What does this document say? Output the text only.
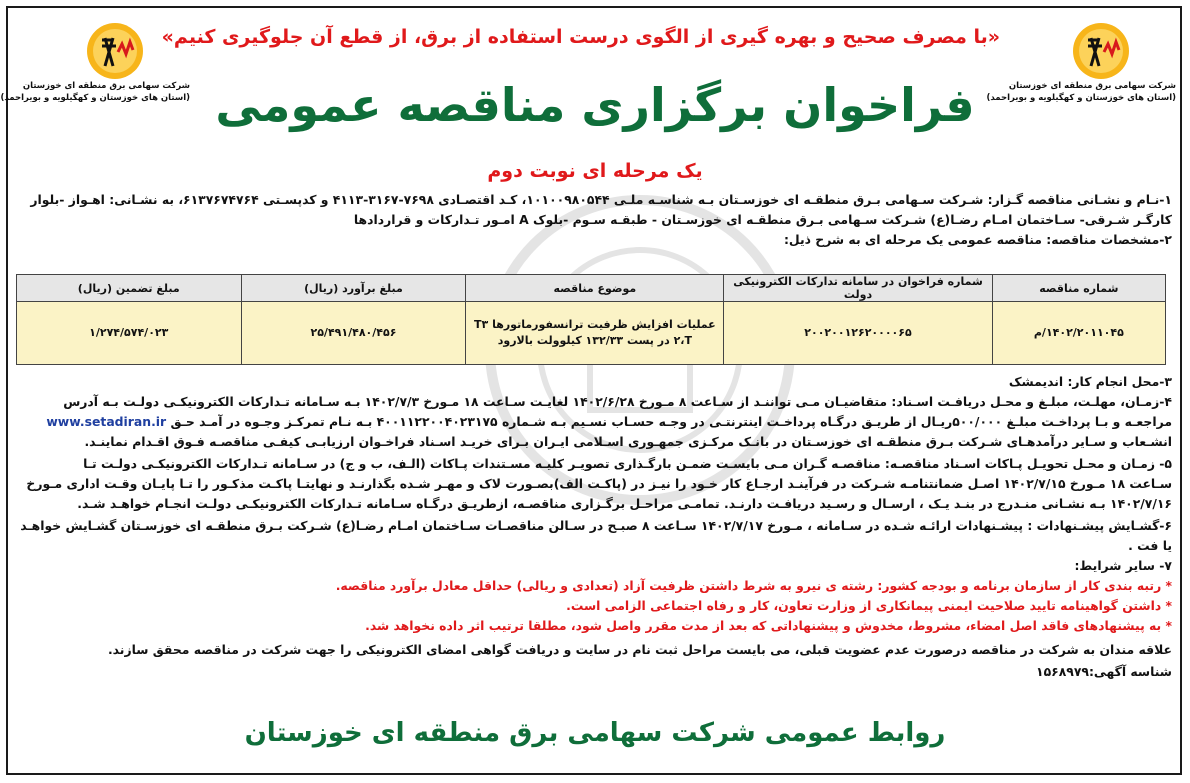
شرکت سهامی برق منطقه ای خوزستان
(استان های خوزستان و کهگیلویه و بویراحمد)
شرکت سهامی برق منطقه ای خوزستان
(استان های خوزستان و کهگیلویه و بویراحمد)
«با مصرف صحیح و بهره گیری از الگوی درست استفاده از برق، از قطع آن جلوگیری کنیم»
فراخوان برگزاری مناقصه عمومی
یک مرحله ای نوبت دوم
۱-نـام و نشـانی مناقصه گـزار: شـرکت سـهامی بـرق منطقـه ای خوزسـتان بـه شناسـه ملـی ۱۰۱۰۰۹۸۰۵۴۴، کـد اقتصـادی ۷۶۹۸-۳۱۶۷-۴۱۱۳ و کدپسـتی ۶۱۳۷۶۷۴۷۶۴، به نشـانی: اهـواز -بلوار
کارگـر شـرقی- سـاختمان امـام رضـا(ع) شـرکت سـهامی بـرق منطقـه ای خوزسـتان - طبقـه سـوم -بلوک A امـور تـدارکات و قراردادها
۲-مشخصات مناقصه: مناقصه عمومی یک مرحله ای به شرح ذیل:
شماره مناقصه	شماره فراخوان در سامانه تدارکات الکترونیکی دولت	موضوع مناقصه	مبلغ برآورد (ریال)	مبلغ تضمین (ریال)
۱۴۰۲/۲۰۱۱۰۴۵/م	۲۰۰۲۰۰۱۲۶۲۰۰۰۰۶۵	عملیات افزایش ظرفیت ترانسفورماتورها T۳ ۲،T در پست ۱۳۲/۳۳ کیلوولت بالارود	۲۵/۴۹۱/۴۸۰/۴۵۶	۱/۲۷۴/۵۷۴/۰۲۳
۳-محل انجام کار: اندیمشک
۴-زمـان، مهلـت، مبلـغ و محـل دریافـت اسـناد: متقاضیـان مـی تواننـد از سـاعت ۸ مـورخ ۱۴۰۲/۶/۲۸ لغایـت سـاعت ۱۸ مـورخ ۱۴۰۲/۷/۳ بـه سـامانه تـدارکات الکترونیکـی دولـت بـه آدرس
مراجعـه و بـا پرداخـت مبلـغ ۵۰۰/۰۰۰ریـال از طریـق درگـاه پرداخـت اینترنتـی در وجـه حسـاب نسـیم بـه شـماره ۴۰۰۱۱۲۲۰۰۴۰۲۳۱۷۵ بـه نـام تمرکـز وجـوه در آمـد حـق www.setadiran.ir
انشـعاب و سـایر درآمدهـای شـرکت بـرق منطقـه ای خوزسـتان در بانـک مرکـزی جمهـوری اسـلامی ایـران بـرای خریـد اسـناد فراخـوان ارزیابـی کیفـی مناقصـه فـوق اقـدام نماینـد.
۵- زمـان و محـل تحویـل پـاکات اسـناد مناقصـه: مناقصـه گـران مـی بایسـت ضمـن بارگـذاری تصویـر کلیـه مسـتندات پـاکات (الـف، ب و ج) در سـامانه تـدارکات الکترونیکـی دولـت تـا
سـاعت ۱۸ مـورخ ۱۴۰۲/۷/۱۵ اصـل ضمانتنامـه شـرکت در فرآینـد ارجـاع کار خـود را نیـز در (پاکـت الف)بصـورت لاک و مهـر شـده بگذارنـد و نهایتـا پاکـت مذکـور را تـا پایـان وقـت اداری مـورخ
۱۴۰۲/۷/۱۶ بـه نشـانی منـدرج در بنـد یـک ، ارسـال و رسـید دریافـت دارنـد. تمامـی مراحـل برگـزاری مناقصـه، ازطریـق درگـاه سـامانه تـدارکات الکترونیکـی دولـت انجـام خواهـد شـد.
۶-گشـایش پیشـنهادات : پیشـنهادات ارائـه شـده در سـامانه ، مـورخ ۱۴۰۲/۷/۱۷ سـاعت ۸ صبـح در سـالن مناقصـات سـاختمان امـام رضـا(ع) شـرکت بـرق منطقـه ای خوزسـتان گشـایش خواهـد
یا فت .
۷- سایر شرایط:
* رتبه بندی کار از سازمان برنامه و بودجه کشور: رشته ی نیرو به شرط داشتن ظرفیت آزاد (تعدادی و ریالی) حداقل معادل برآورد مناقصه.
* داشتن گواهینامه تایید صلاحیت ایمنی پیمانکاری از وزارت تعاون، کار و رفاه اجتماعی الزامی است.
* به پیشنهادهای فاقد اصل امضاء، مشروط، مخدوش و پیشنهاداتی که بعد از مدت مقرر واصل شود، مطلقا ترتیب اثر داده نخواهد شد.
علاقه مندان به شرکت در مناقصه درصورت عدم عضویت قبلی، می بایست مراحل ثبت نام در سایت و دریافت گواهی امضای الکترونیکی را جهت شرکت در مناقصه محقق سازند.
شناسه آگهی:۱۵۶۸۹۷۹
روابط عمومی شرکت سهامی برق منطقه ای خوزستان
